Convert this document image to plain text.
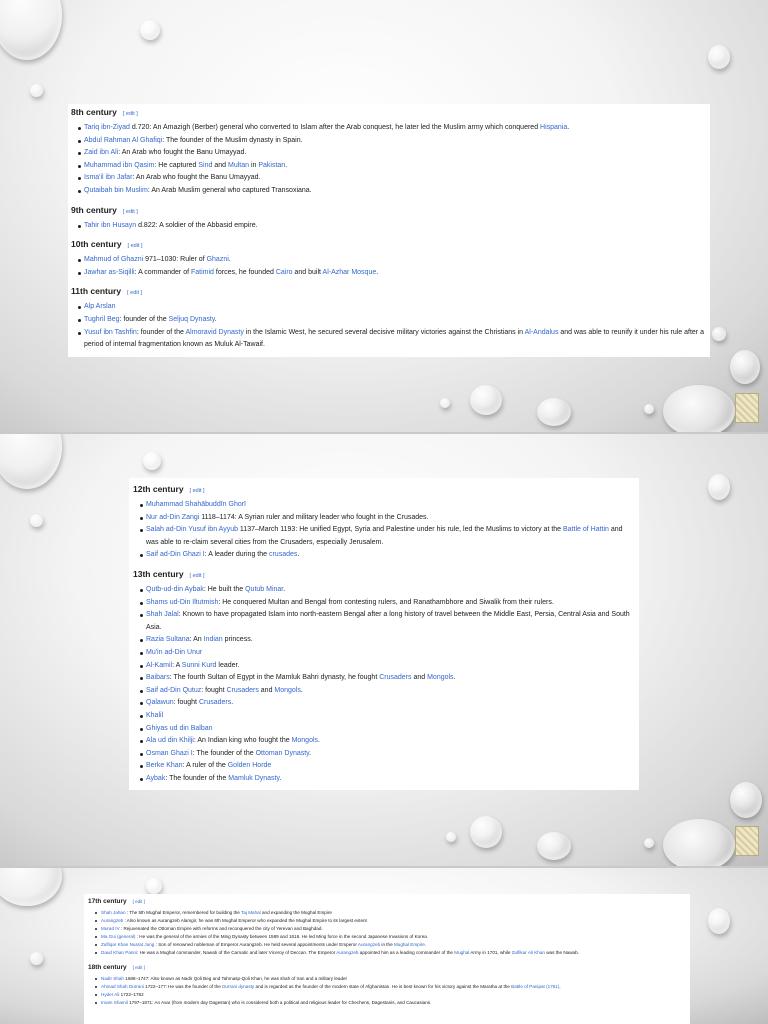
8th century [ edit ]
Tariq ibn-Ziyad d.720: An Amazigh (Berber) general who converted to Islam after the Arab conquest, he later led the Muslim army which conquered Hispania.
Abdul Rahman Al Ghafiqi: The founder of the Muslim dynasty in Spain.
Zaid ibn Ali: An Arab who fought the Banu Umayyad.
Muhammad ibn Qasim: He captured Sind and Multan in Pakistan.
Isma'il ibn Jafar: An Arab who fought the Banu Umayyad.
Qutaibah bin Muslim: An Arab Muslim general who captured Transoxiana.
9th century [ edit ]
Tahir ibn Husayn d.822: A soldier of the Abbasid empire.
10th century [ edit ]
Mahmud of Ghazni 971–1030: Ruler of Ghazni.
Jawhar as-Siqilli: A commander of Fatimid forces, he founded Cairo and built Al-Azhar Mosque.
11th century [ edit ]
Alp Arslan
Tughril Beg: founder of the Seljuq Dynasty.
Yusuf ibn Tashfin: founder of the Almoravid Dynasty in the Islamic West, he secured several decisive military victories against the Christians in Al-Andalus and was able to reunify it under his rule after a period of internal fragmentation known as Muluk Al-Tawaif.
12th century [ edit ]
Muhammad Shahābuddīn Ghorī
Nur ad-Din Zangi 1118–1174: A Syrian ruler and military leader who fought in the Crusades.
Salah ad-Din Yusuf ibn Ayyub 1137–March 1193: He unified Egypt, Syria and Palestine under his rule, led the Muslims to victory at the Battle of Hattin and was able to re-claim several cities from the Crusaders, especially Jerusalem.
Saif ad-Din Ghazi I: A leader during the crusades.
13th century [ edit ]
Qutb-ud-din Aybak: He built the Qutub Minar.
Shams ud-Din Iltutmish: He conquered Multan and Bengal from contesting rulers, and Ranathambhore and Siwalik from their rulers.
Shah Jalal: Known to have propagated Islam into north-eastern Bengal after a long history of travel between the Middle East, Persia, Central Asia and South Asia.
Razia Sultana: An Indian princess.
Mu'in ad-Din Unur
Al-Kamil: A Sunni Kurd leader.
Baibars: The fourth Sultan of Egypt in the Mamluk Bahri dynasty, he fought Crusaders and Mongols.
Saif ad-Din Qutuz: fought Crusaders and Mongols.
Qalawun: fought Crusaders.
Khalil
Ghiyas ud din Balban
Ala ud din Khilji: An Indian king who fought the Mongols.
Osman Ghazi I: The founder of the Ottoman Dynasty.
Berke Khan: A ruler of the Golden Horde
Aybak: The founder of the Mamluk Dynasty.
17th century [ edit ]
Shah Jahan : The 5th Mughal Emperor, remembered for building the Taj Mahal and expanding the Mughal Empire
Aurangzeb : Also known as Aurangzeb Alamgir, he was 6th Mughal Emperor who expanded the Mughal Empire to its largest extent
Murad IV : Rejuvenated the Ottoman Empire with reforms and reconquered the city of Yerevan and Baghdad.
Ma Gui (general) : He was the general of the armies of the Ming Dynasty between 1589 and 1618. He led Ming force in the second Japanese Invasions of Korea.
Zulfiqar Khan Nusrat Jung : Son of renowned nobleman of Emperor Aurangzeb. He held several appointments under Emperor Aurangzeb in the Mughal Empire.
Daud Khan Panni: He was a Mughal commander, Nawab of the Carnatic and later Viceroy of Deccan. The Emperor Aurangzeb appointed him as a leading commander of the Mughal Army in 1701, while Zulfikar Ali Khan was the Nawab.
18th century [ edit ]
Nadir Shah 1688–1747: Also known as Nadir Qoli Beg and Tahmasp-Qoli Khan, he was shah of Iran and a military leader
Ahmad Shah Durrani 1722–177: He was the founder of the Durrani dynasty and is regarded as the founder of the modern state of Afghanistan. He is best known for his victory against the Maratha at the Battle of Panipat (1761).
Hyder Ali 1722–1782
Imam Shamil 1797–1871: An Avar (from modern day Dagestan) who is considered both a political and religious leader for Chechens, Dagestanis, and Caucasians.
